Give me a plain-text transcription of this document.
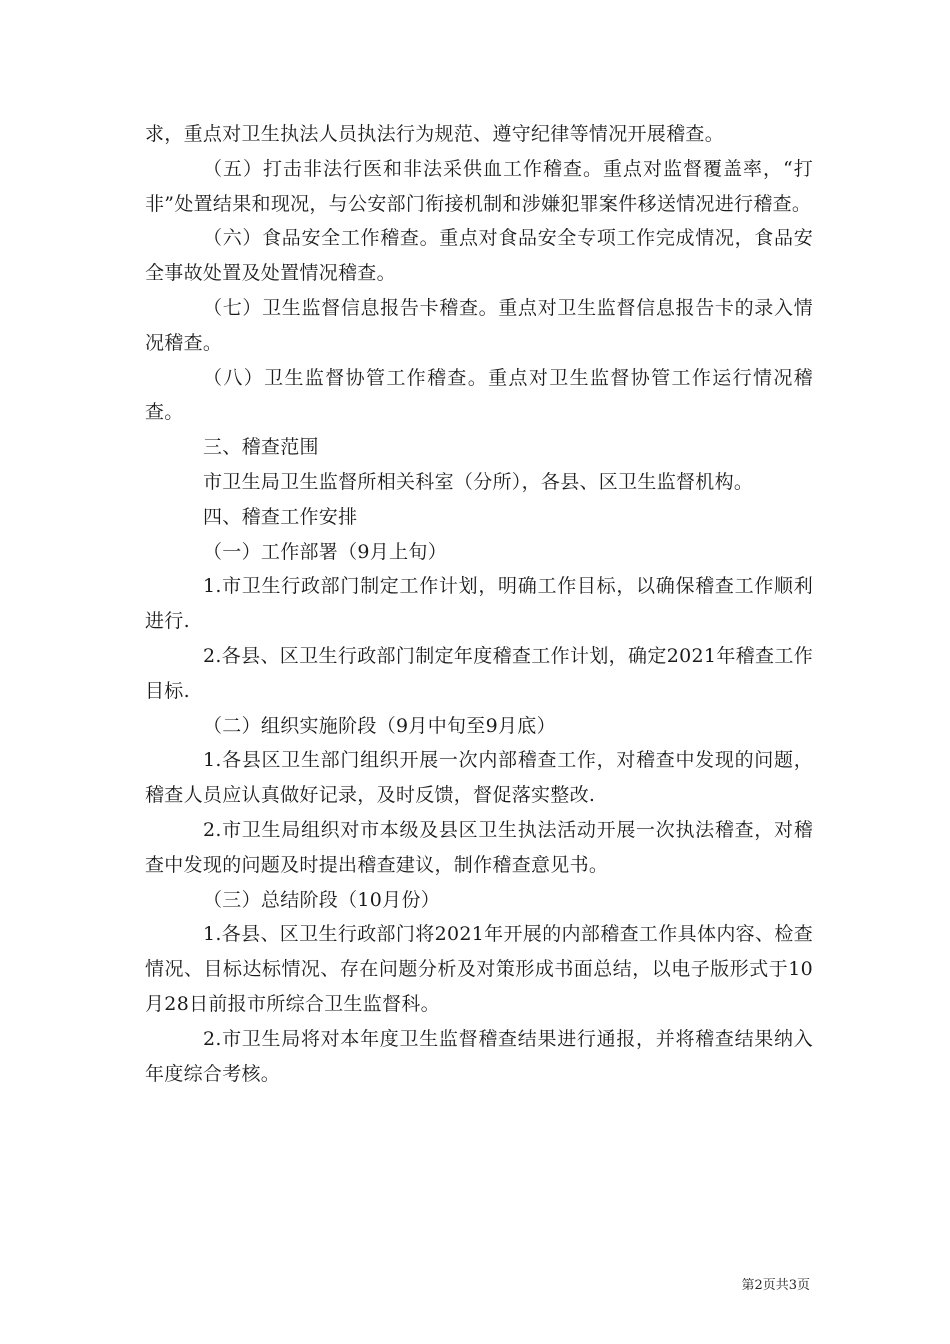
求，重点对卫生执法人员执法行为规范、遵守纪律等情况开展稽查。

（五）打击非法行医和非法采供血工作稽查。重点对监督覆盖率，“打非”处置结果和现况，与公安部门衔接机制和涉嫌犯罪案件移送情况进行稽查。

（六）食品安全工作稽查。重点对食品安全专项工作完成情况，食品安全事故处置及处置情况稽查。

（七）卫生监督信息报告卡稽查。重点对卫生监督信息报告卡的录入情况稽查。

（八）卫生监督协管工作稽查。重点对卫生监督协管工作运行情况稽查。

三、稽查范围

市卫生局卫生监督所相关科室（分所），各县、区卫生监督机构。

四、稽查工作安排

（一）工作部署（9月上旬）

1.市卫生行政部门制定工作计划，明确工作目标，以确保稽查工作顺利进行.

2.各县、区卫生行政部门制定年度稽查工作计划，确定2021年稽查工作目标.

（二）组织实施阶段（9月中旬至9月底）

1.各县区卫生部门组织开展一次内部稽查工作，对稽查中发现的问题，稽查人员应认真做好记录，及时反馈，督促落实整改.

2.市卫生局组织对市本级及县区卫生执法活动开展一次执法稽查，对稽查中发现的问题及时提出稽查建议，制作稽查意见书。

（三）总结阶段（10月份）

1.各县、区卫生行政部门将2021年开展的内部稽查工作具体内容、检查情况、目标达标情况、存在问题分析及对策形成书面总结，以电子版形式于10月28日前报市所综合卫生监督科。

2.市卫生局将对本年度卫生监督稽查结果进行通报，并将稽查结果纳入年度综合考核。

第2页共3页
